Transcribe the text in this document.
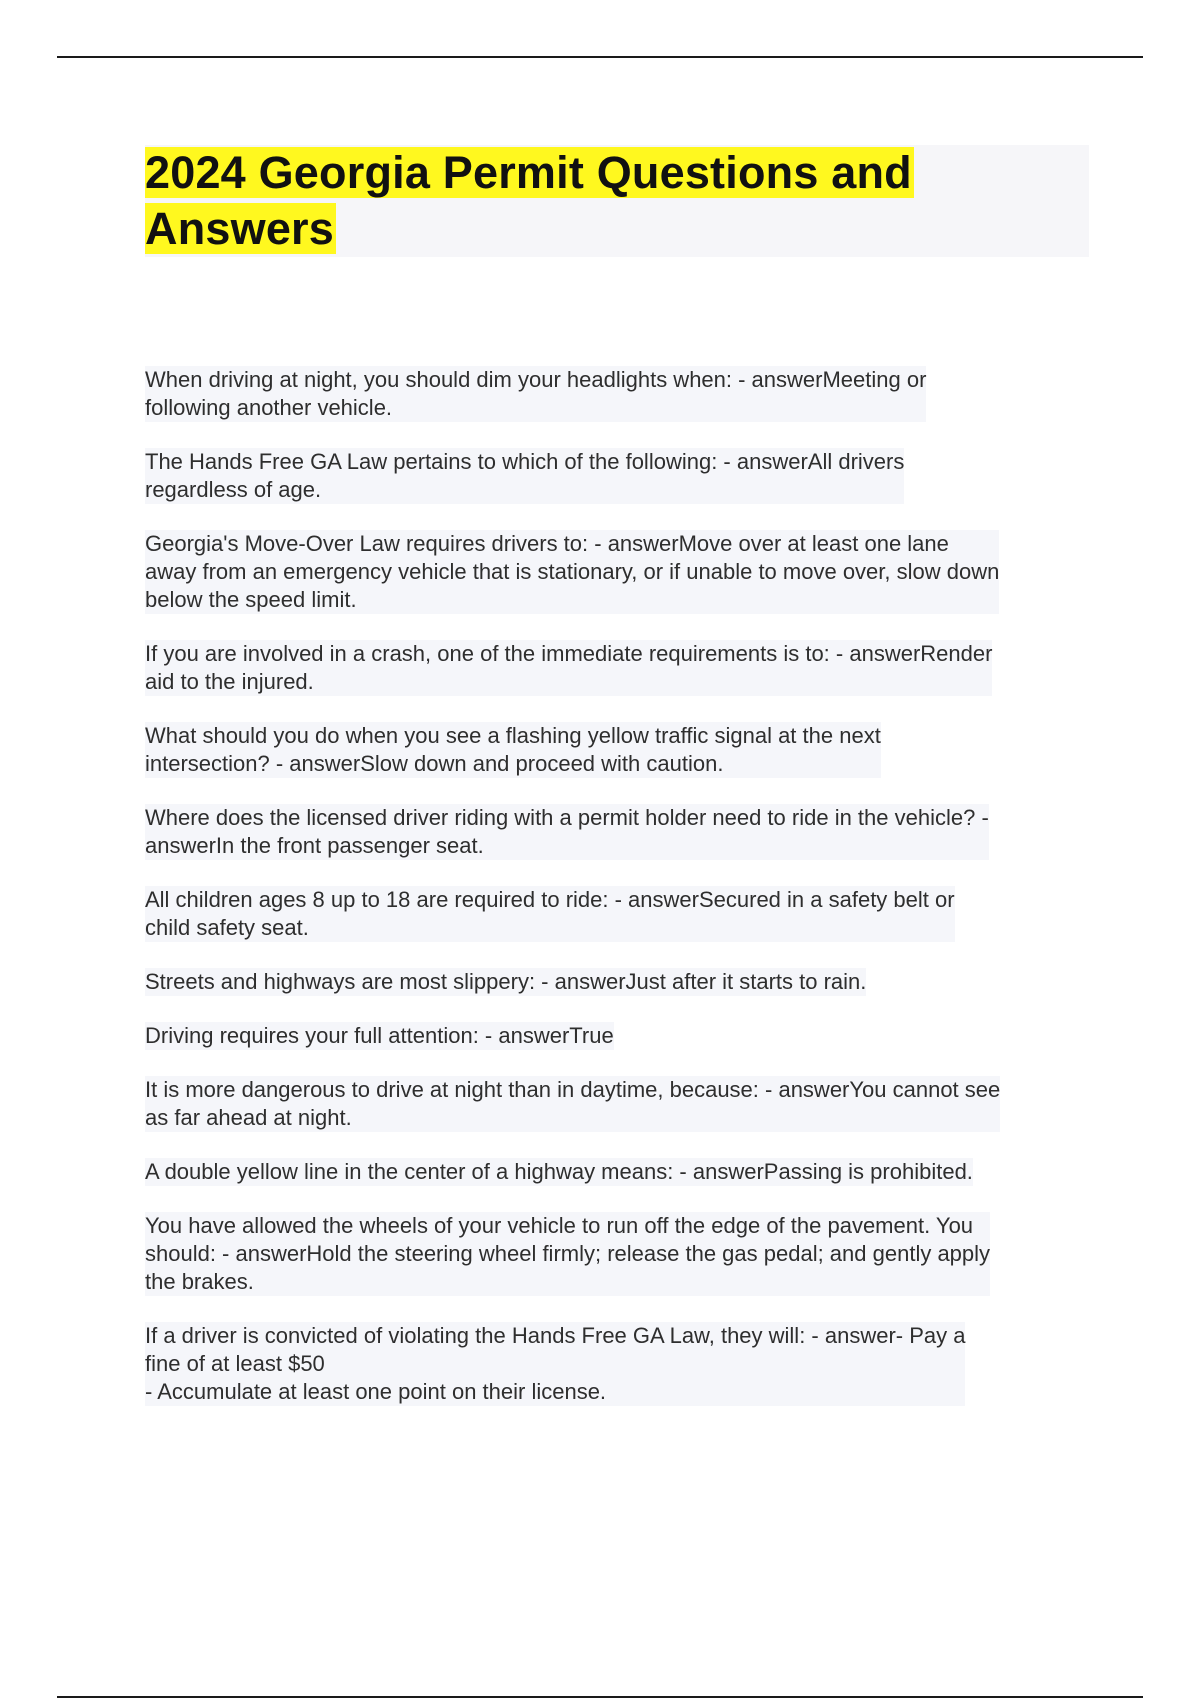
2024 Georgia Permit Questions and
Answers
When driving at night, you should dim your headlights when: - answerMeeting or
following another vehicle.
The Hands Free GA Law pertains to which of the following: - answerAll drivers
regardless of age.
Georgia's Move-Over Law requires drivers to: - answerMove over at least one lane
away from an emergency vehicle that is stationary, or if unable to move over, slow down
below the speed limit.
If you are involved in a crash, one of the immediate requirements is to: - answerRender
aid to the injured.
What should you do when you see a flashing yellow traffic signal at the next
intersection? - answerSlow down and proceed with caution.
Where does the licensed driver riding with a permit holder need to ride in the vehicle? -
answerIn the front passenger seat.
All children ages 8 up to 18 are required to ride: - answerSecured in a safety belt or
child safety seat.
Streets and highways are most slippery: - answerJust after it starts to rain.
Driving requires your full attention: - answerTrue
It is more dangerous to drive at night than in daytime, because: - answerYou cannot see
as far ahead at night.
A double yellow line in the center of a highway means: - answerPassing is prohibited.
You have allowed the wheels of your vehicle to run off the edge of the pavement. You
should: - answerHold the steering wheel firmly; release the gas pedal; and gently apply
the brakes.
If a driver is convicted of violating the Hands Free GA Law, they will: - answer- Pay a
fine of at least $50
- Accumulate at least one point on their license.
